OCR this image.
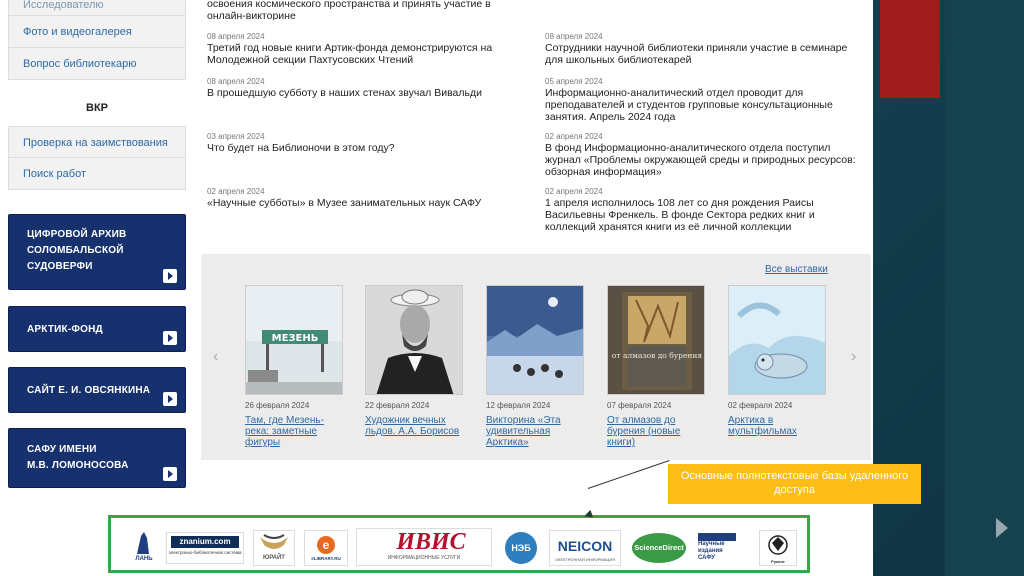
Исследователю
Фото и видеогалерея
Вопрос библиотекарю
ВКР
Проверка на заимствования
Поиск работ
ЦИФРОВОЙ АРХИВ
СОЛОМБАЛЬСКОЙ
СУДОВЕРФИ
АРКТИК-ФОНД
САЙТ Е. И. ОВСЯНКИНА
САФУ ИМЕНИ
М.В. ЛОМОНОСОВА
освоения космического пространства и принять участие в онлайн-викторине
08 апреля 2024
Третий год новые книги Артик-фонда демонстрируются на Молодежной секции Пахтусовских Чтений
08 апреля 2024
Сотрудники научной библиотеки приняли участие в семинаре для школьных библиотекарей
08 апреля 2024
В прошедшую субботу в наших стенах звучал Вивальди
05 апреля 2024
Информационно-аналитический отдел проводит для преподавателей и студентов групповые консультационные занятия. Апрель 2024 года
03 апреля 2024
Что будет на Библионочи в этом году?
02 апреля 2024
В фонд Информационно-аналитического отдела поступил журнал «Проблемы окружающей среды и природных ресурсов: обзорная информация»
02 апреля 2024
«Научные субботы» в Музее занимательных наук САФУ
02 апреля 2024
1 апреля исполнилось 108 лет со дня рождения Раисы Васильевны Френкель. В фонде Сектора редких книг и коллекций хранятся книги из её личной коллекции
Все выставки
‹	›
МЕЗЕНЬ
26 февраля 2024
Там, где Мезень-река: заметные фигуры
22 февраля 2024
Художник вечных льдов. А.А. Борисов
12 февраля 2024
Викторина «Эта удивительная Арктика»
от алмазов до бурения
07 февраля 2024
От алмазов до бурения (новые книги)
02 февраля 2024
Арктика в мультфильмах
ЛАНЬ
znanium.com
электронно-библиотечная система
ЮРАЙТ
e
eLIBRARY.RU
ИВИС
ИНФОРМАЦИОННЫЕ УСЛУГИ
НЭБ	NEICON
ЭЛЕКТРОННАЯ ИНФОРМАЦИЯ
ScienceDirect	Научные издания САФУ
Руконт
Основные полнотекстовые базы удаленного доступа
